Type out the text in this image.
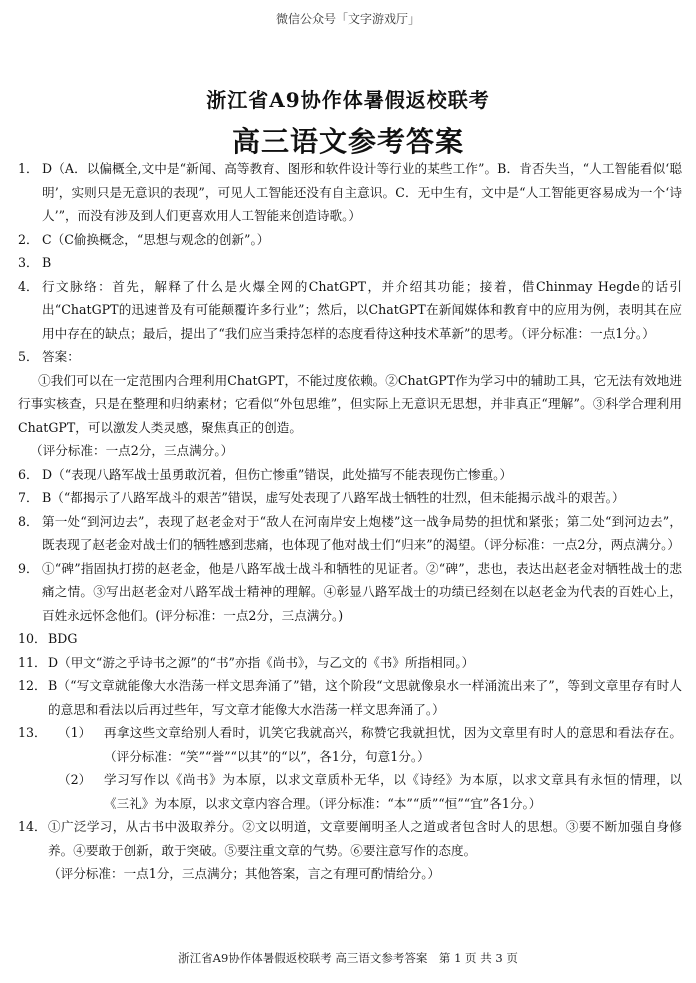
微信公众号「文字游戏厅」
浙江省A9协作体暑假返校联考
高三语文参考答案
1． D（A．以偏概全,文中是“新闻、高等教育、图形和软件设计等行业的某些工作”。B．肯否失当，“人工智能看似‘聪明’，实则只是无意识的表现”，可见人工智能还没有自主意识。C．无中生有，文中是“人工智能更容易成为一个‘诗人’”，而没有涉及到人们更喜欢用人工智能来创造诗歌。）

2． C（C偷换概念，“思想与观念的创新”。）

3． B

4． 行文脉络：首先，解释了什么是火爆全网的ChatGPT，并介绍其功能；接着，借Chinmay Hegde的话引出“ChatGPT的迅速普及有可能颠覆许多行业”；然后，以ChatGPT在新闻媒体和教育中的应用为例，表明其在应用中存在的缺点；最后，提出了“我们应当秉持怎样的态度看待这种技术革新”的思考。（评分标准：一点1分。）

5． 答案：

①我们可以在一定范围内合理利用ChatGPT，不能过度依赖。②ChatGPT作为学习中的辅助工具，它无法有效地进行事实核查，只是在整理和归纳素材；它看似“外包思维”，但实际上无意识无思想，并非真正“理解”。③科学合理利用ChatGPT，可以激发人类灵感，聚焦真正的创造。

（评分标准：一点2分，三点满分。）

6． D（“表现八路军战士虽勇敢沉着，但伤亡惨重”错误，此处描写不能表现伤亡惨重。）

7． B（“都揭示了八路军战斗的艰苦”错误，虚写处表现了八路军战士牺牲的壮烈，但未能揭示战斗的艰苦。）

8． 第一处“到河边去”，表现了赵老金对于“敌人在河南岸安上炮楼”这一战争局势的担忧和紧张；第二处“到河边去”，既表现了赵老金对战士们的牺牲感到悲痛，也体现了他对战士们“归来”的渴望。（评分标准：一点2分，两点满分。）

9． ①“碑”指固执打捞的赵老金，他是八路军战士战斗和牺牲的见证者。②“碑”，悲也，表达出赵老金对牺牲战士的悲痛之情。③写出赵老金对八路军战士精神的理解。④彰显八路军战士的功绩已经刻在以赵老金为代表的百姓心上，百姓永远怀念他们。(评分标准：一点2分，三点满分。)

10． BDG

11． D（甲文“游之乎诗书之源”的“书”亦指《尚书》，与乙文的《书》所指相同。）

12． B（“写文章就能像大水浩荡一样文思奔涌了”错，这个阶段“文思就像泉水一样涌流出来了”，等到文章里存有时人的意思和看法以后再过些年，写文章才能像大水浩荡一样文思奔涌了。）

13． （1）	再拿这些文章给别人看时，讥笑它我就高兴，称赞它我就担忧，因为文章里有时人的意思和看法存在。（评分标准：“笑”“誉”“以其”的“以”，各1分，句意1分。）

（2）	学习写作以《尚书》为本原，以求文章质朴无华，以《诗经》为本原，以求文章具有永恒的情理，以《三礼》为本原，以求文章内容合理。（评分标准：“本”“质”“恒”“宜”各1分。）

14． ①广泛学习，从古书中汲取养分。②文以明道，文章要阐明圣人之道或者包含时人的思想。③要不断加强自身修养。④要敢于创新，敢于突破。⑤要注重文章的气势。⑥要注意写作的态度。

（评分标准：一点1分，三点满分；其他答案，言之有理可酌情给分。）

浙江省A9协作体暑假返校联考 高三语文参考答案　第 1 页 共 3 页
